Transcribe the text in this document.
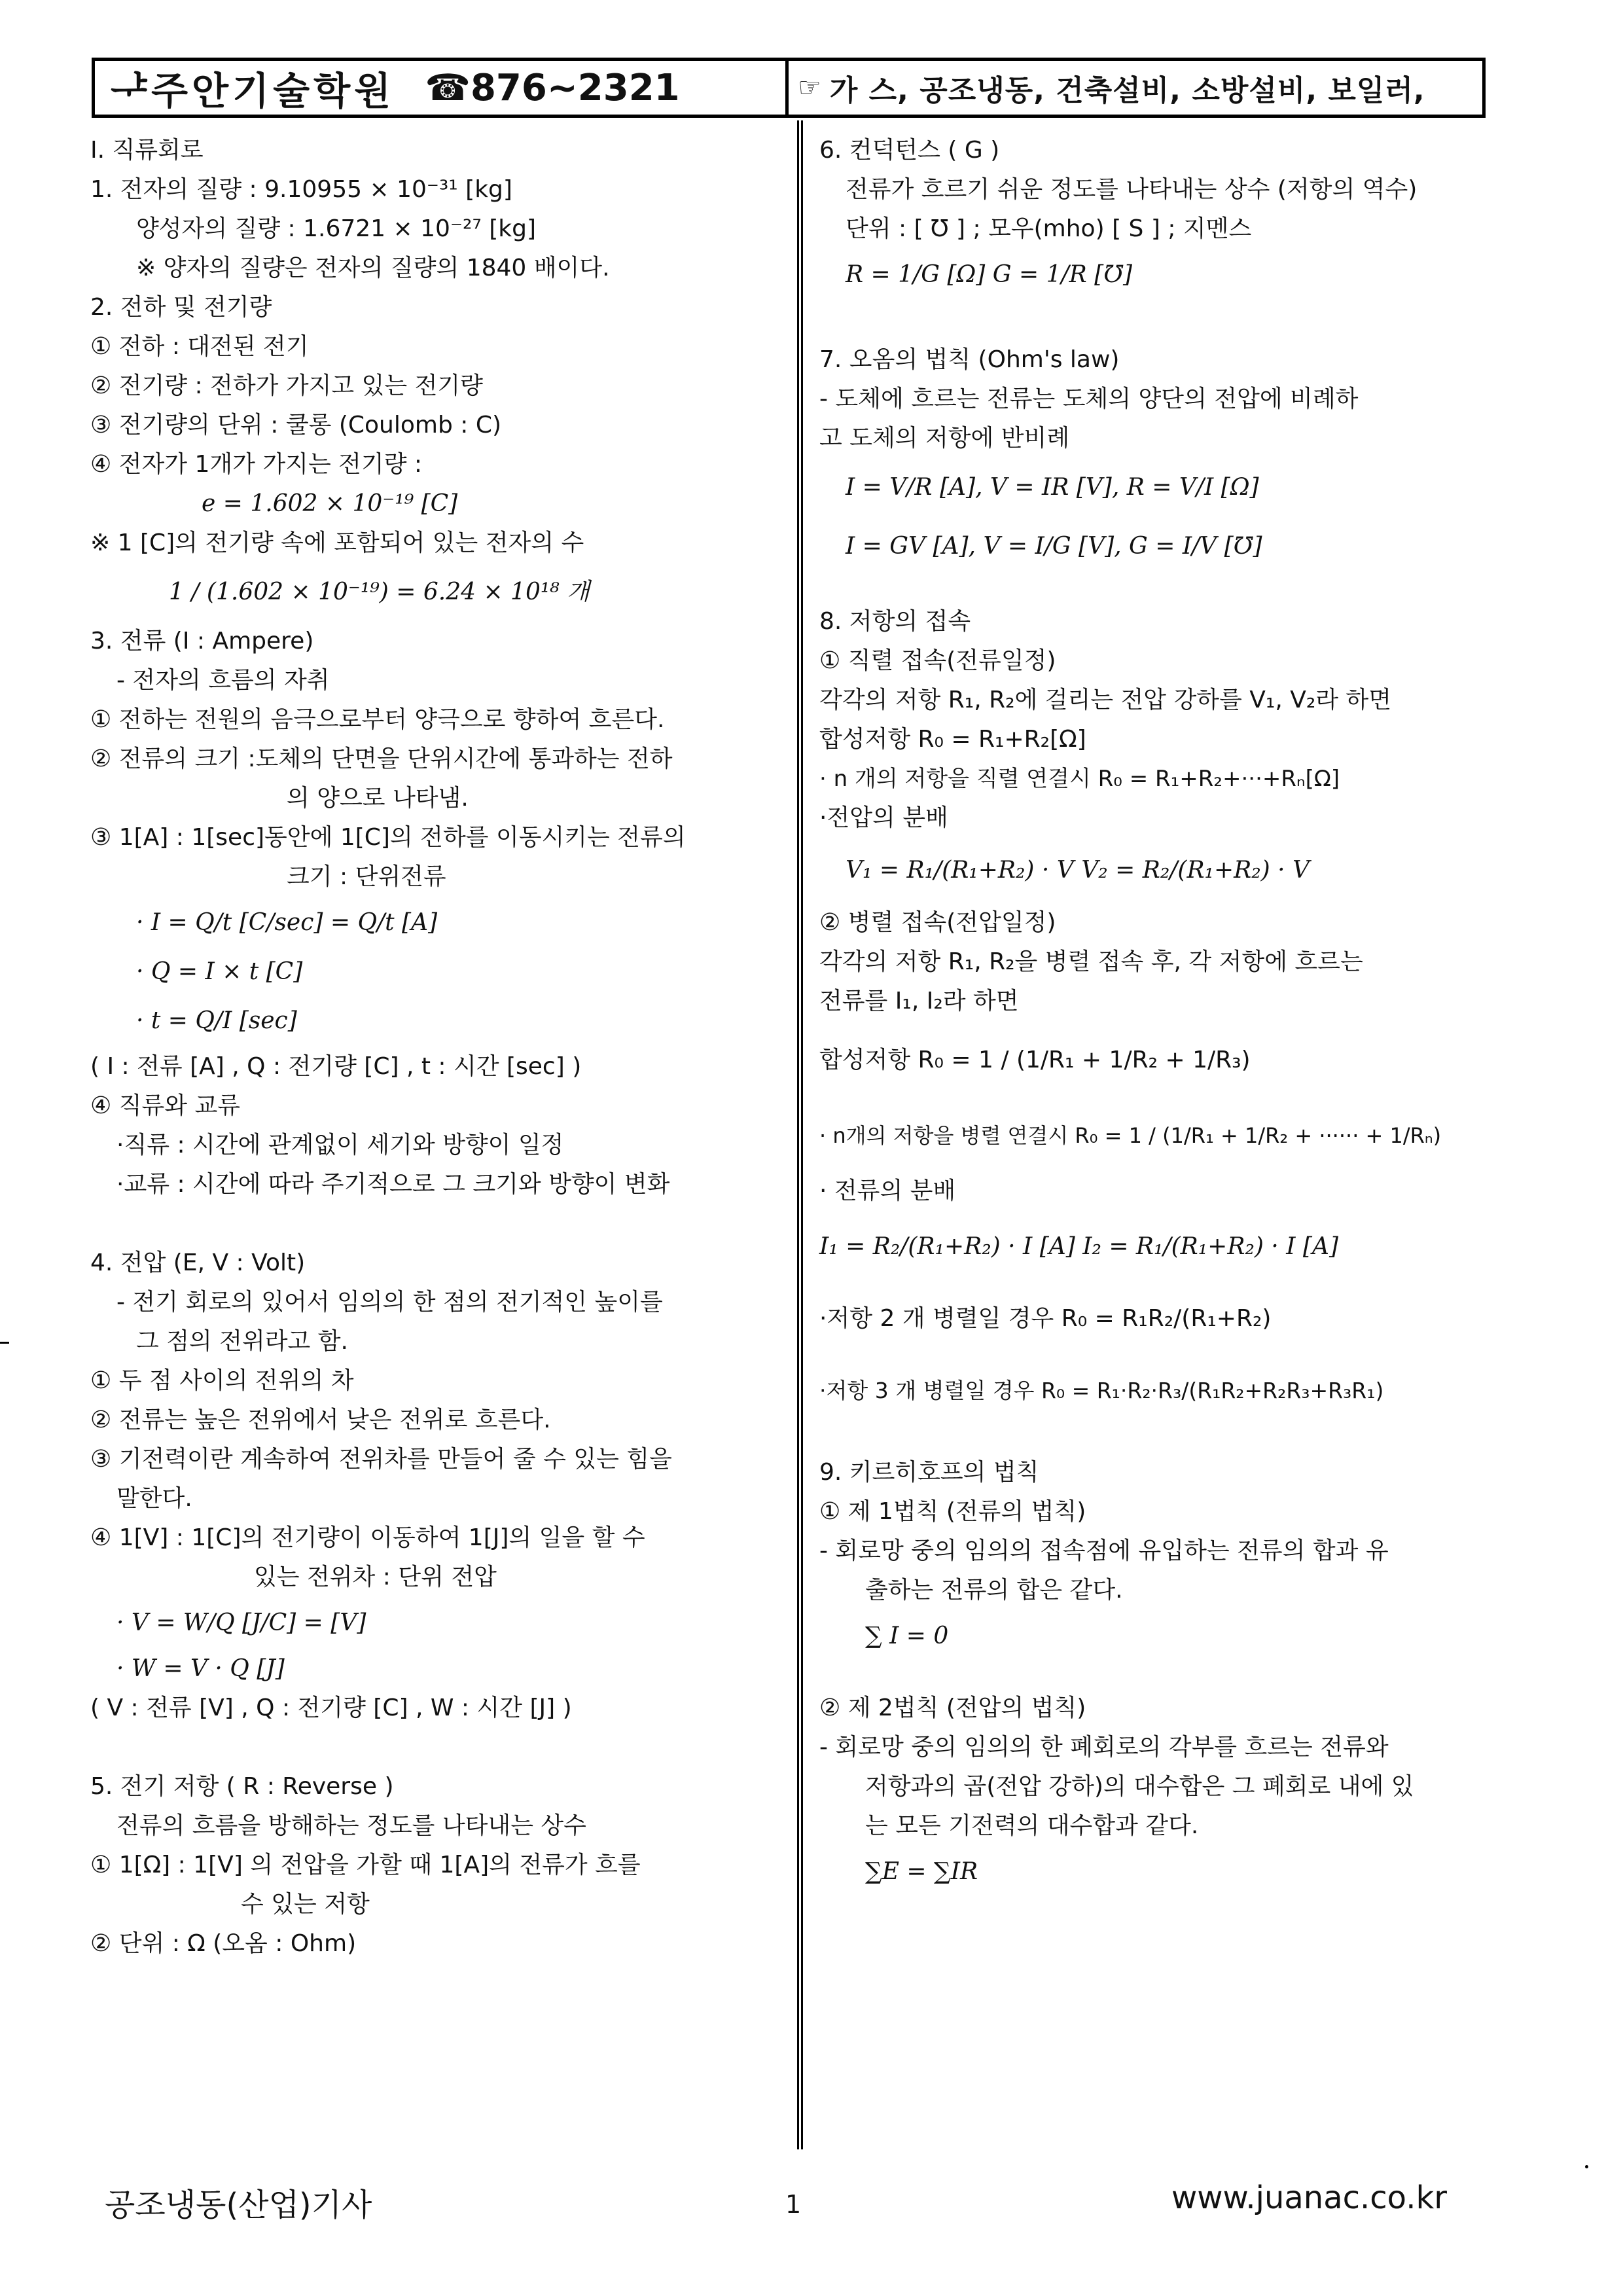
ᅷ주안기술학원 ☎876~2321	☞ 가 스, 공조냉동, 건축설비, 소방설비, 보일러,
Ⅰ. 직류회로
1. 전자의 질량 : 9.10955 × 10⁻³¹ [kg]
양성자의 질량 : 1.6721 × 10⁻²⁷ [kg]
※ 양자의 질량은 전자의 질량의 1840 배이다.
2. 전하 및 전기량
① 전하 : 대전된 전기
② 전기량 : 전하가 가지고 있는 전기량
③ 전기량의 단위 : 쿨롱 (Coulomb : C)
④ 전자가 1개가 가지는 전기량 :
e = 1.602 × 10⁻¹⁹ [C]
※ 1 [C]의 전기량 속에 포함되어 있는 전자의 수
1 / (1.602 × 10⁻¹⁹) = 6.24 × 10¹⁸ 개
3. 전류 (I : Ampere)
- 전자의 흐름의 자취
① 전하는 전원의 음극으로부터 양극으로 향하여 흐른다.
② 전류의 크기 :도체의 단면을 단위시간에 통과하는 전하
의 양으로 나타냄.
③ 1[A] : 1[sec]동안에 1[C]의 전하를 이동시키는 전류의
크기 : 단위전류
· I = Q/t [C/sec] = Q/t [A]
· Q = I × t [C]
· t = Q/I [sec]
( I : 전류 [A] , Q : 전기량 [C] , t : 시간 [sec] )
④ 직류와 교류
·직류 : 시간에 관계없이 세기와 방향이 일정
·교류 : 시간에 따라 주기적으로 그 크기와 방향이 변화
4. 전압 (E, V : Volt)
- 전기 회로의 있어서 임의의 한 점의 전기적인 높이를
그 점의 전위라고 함.
① 두 점 사이의 전위의 차
② 전류는 높은 전위에서 낮은 전위로 흐른다.
③ 기전력이란 계속하여 전위차를 만들어 줄 수 있는 힘을
말한다.
④ 1[V] : 1[C]의 전기량이 이동하여 1[J]의 일을 할 수
있는 전위차 : 단위 전압
· V = W/Q [J/C] = [V]
· W = V · Q [J]
( V : 전류 [V] , Q : 전기량 [C] , W : 시간 [J] )
5. 전기 저항 ( R : Reverse )
전류의 흐름을 방해하는 정도를 나타내는 상수
① 1[Ω] : 1[V] 의 전압을 가할 때 1[A]의 전류가 흐를
수 있는 저항
② 단위 : Ω (오옴 : Ohm)
6. 컨덕턴스 ( G )
전류가 흐르기 쉬운 정도를 나타내는 상수 (저항의 역수)
단위 : [ ℧ ] ; 모우(mho) [ S ] ; 지멘스
R = 1/G [Ω] G = 1/R [℧]
7. 오옴의 법칙 (Ohm's law)
- 도체에 흐르는 전류는 도체의 양단의 전압에 비례하
고 도체의 저항에 반비례
I = V/R [A], V = IR [V], R = V/I [Ω]
I = GV [A], V = I/G [V], G = I/V [℧]
8. 저항의 접속
① 직렬 접속(전류일정)
각각의 저항 R₁, R₂에 걸리는 전압 강하를 V₁, V₂라 하면
합성저항 R₀ = R₁+R₂[Ω]
· n 개의 저항을 직렬 연결시 R₀ = R₁+R₂+···+Rₙ[Ω]
·전압의 분배
V₁ = R₁/(R₁+R₂) · V V₂ = R₂/(R₁+R₂) · V
② 병렬 접속(전압일정)
각각의 저항 R₁, R₂을 병렬 접속 후, 각 저항에 흐르는
전류를 I₁, I₂라 하면
합성저항 R₀ = 1 / (1/R₁ + 1/R₂ + 1/R₃)
· n개의 저항을 병렬 연결시 R₀ = 1 / (1/R₁ + 1/R₂ + ······ + 1/Rₙ)
· 전류의 분배
I₁ = R₂/(R₁+R₂) · I [A] I₂ = R₁/(R₁+R₂) · I [A]
·저항 2 개 병렬일 경우 R₀ = R₁R₂/(R₁+R₂)
·저항 3 개 병렬일 경우 R₀ = R₁·R₂·R₃/(R₁R₂+R₂R₃+R₃R₁)
9. 키르히호프의 법칙
① 제 1법칙 (전류의 법칙)
- 회로망 중의 임의의 접속점에 유입하는 전류의 합과 유
출하는 전류의 합은 같다.
∑ I = 0
② 제 2법칙 (전압의 법칙)
- 회로망 중의 임의의 한 폐회로의 각부를 흐르는 전류와
저항과의 곱(전압 강하)의 대수합은 그 폐회로 내에 있
는 모든 기전력의 대수합과 같다.
∑E = ∑IR
공조냉동(산업)기사	1	www.juanac.co.kr
